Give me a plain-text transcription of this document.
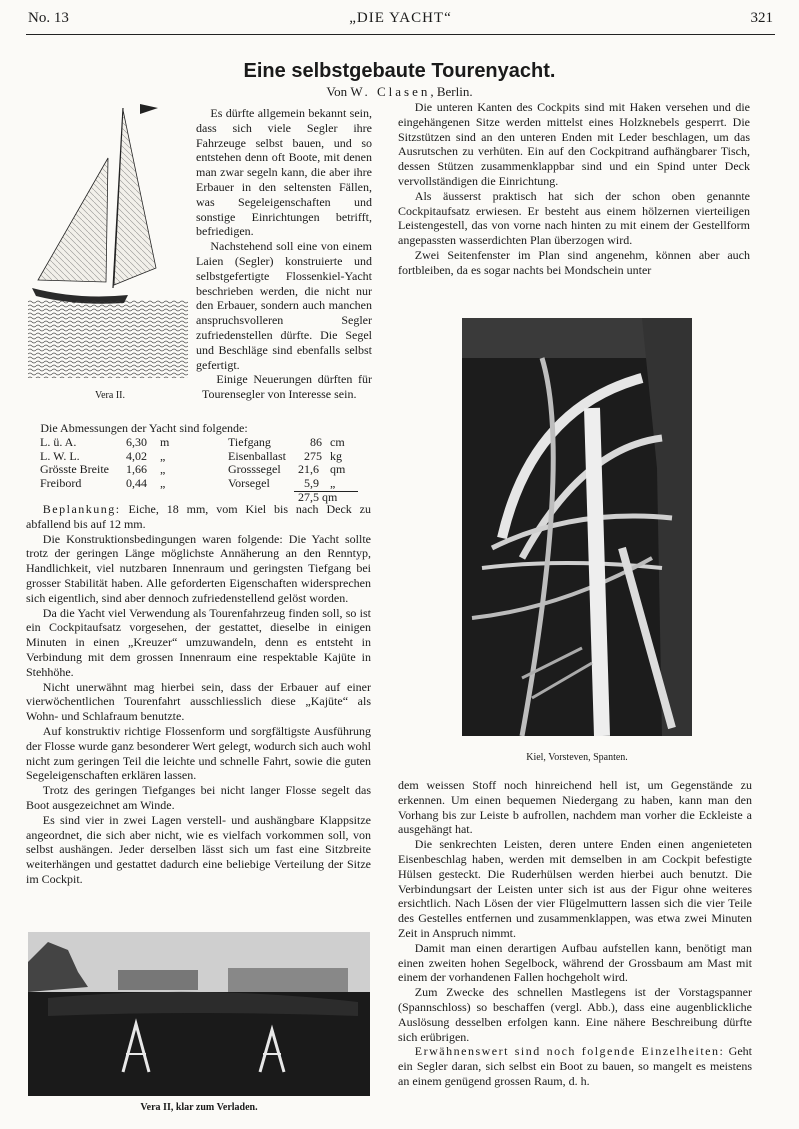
No. 13	„DIE YACHT“	321
Eine selbstgebaute Tourenyacht.
Von W. Clasen, Berlin.
Vera II.

Es dürfte allgemein bekannt sein, dass sich viele Segler ihre Fahrzeuge selbst bauen, und so entstehen denn oft Boote, mit denen man zwar segeln kann, die aber ihre Erbauer in den seltensten Fällen, was Segeleigenschaften und sonstige Einrichtungen betrifft, befriedigen.

Nachstehend soll eine von einem Laien (Segler) konstruierte und selbstgefertigte Flossenkiel-Yacht beschrieben werden, die nicht nur den Erbauer, sondern auch manchen anspruchsvolleren Segler zufriedenstellen dürfte. Die Segel und Beschläge sind ebenfalls selbst gefertigt.

Einige Neuerungen dürften für Tourensegler von Interesse sein.

Die Abmessungen der Yacht sind folgende:
L. ü. A.	6,30 m	Tiefgang	86 cm
L. W. L.	4,02 „	Eisenballast 275 kg
Grösste Breite 1,66 „	Grosssegel 21,6 qm
Freibord	0,44 „	Vorsegel	5,9 „
27,5 qm

Beplankung: Eiche, 18 mm, vom Kiel bis nach Deck zu abfallend bis auf 12 mm.

Die Konstruktionsbedingungen waren folgende: Die Yacht sollte trotz der geringen Länge möglichste Annäherung an den Renntyp, Handlichkeit, viel nutzbaren Innenraum und geringsten Tiefgang bei grosser Stabilität haben. Alle geforderten Eigenschaften widersprechen sich eigentlich, sind aber dennoch zufriedenstellend gelöst worden.

Da die Yacht viel Verwendung als Tourenfahrzeug finden soll, so ist ein Cockpitaufsatz vorgesehen, der gestattet, dieselbe in einigen Minuten in einen „Kreuzer“ umzuwandeln, denn es entsteht in Verbindung mit dem grossen Innenraum eine respektable Kajüte in Stehhöhe.

Nicht unerwähnt mag hierbei sein, dass der Erbauer auf einer vierwöchentlichen Tourenfahrt ausschliesslich diese „Kajüte“ als Wohn- und Schlafraum benutzte.

Auf konstruktiv richtige Flossenform und sorgfältigste Ausführung der Flosse wurde ganz besonderer Wert gelegt, wodurch sich auch wohl nicht zum geringen Teil die leichte und schnelle Fahrt, sowie die guten Segeleigenschaften erklären lassen.

Trotz des geringen Tiefganges bei nicht langer Flosse segelt das Boot ausgezeichnet am Winde.

Es sind vier in zwei Lagen verstell- und aushängbare Klappsitze angeordnet, die sich aber nicht, wie es vielfach vorkommen soll, von selbst aushängen. Jeder derselben lässt sich um fast eine Sitzbreite weiterhängen und gestattet dadurch eine beliebige Verteilung der Sitze im Cockpit.

Vera II, klar zum Verladen.

Die unteren Kanten des Cockpits sind mit Haken versehen und die eingehängenen Sitze werden mittelst eines Holzknebels gesperrt. Die Sitzstützen sind an den unteren Enden mit Leder beschlagen, um das Ausrutschen zu verhüten. Ein auf den Cockpitrand aufhängbarer Tisch, dessen Stützen zusammenklappbar sind und ein Spind unter Deck vervollständigen die Einrichtung.

Als äusserst praktisch hat sich der schon oben genannte Cockpitaufsatz erwiesen. Er besteht aus einem hölzernen vierteiligen Leistengestell, das von vorne nach hinten zu mit einem der Gestellform angepassten wasserdichten Plan überzogen wird.

Zwei Seitenfenster im Plan sind angenehm, können aber auch fortbleiben, da es sogar nachts bei Mondschein unter

Kiel, Vorsteven, Spanten.

dem weissen Stoff noch hinreichend hell ist, um Gegenstände zu erkennen. Um einen bequemen Niedergang zu haben, kann man den Vorhang bis zur Leiste b aufrollen, nachdem man vorher die Eckleiste a ausgehängt hat.

Die senkrechten Leisten, deren untere Enden einen angenieteten Eisenbeschlag haben, werden mit demselben in am Cockpit befestigte Hülsen gesteckt. Die Ruderhülsen werden hierbei auch benutzt. Die Verbindungsart der Leisten unter sich ist aus der Figur ohne weiteres ersichtlich. Nach Lösen der vier Flügelmuttern lassen sich die vier Teile des Gestelles entfernen und zusammenklappen, was etwa zwei Minuten Zeit in Anspruch nimmt.

Damit man einen derartigen Aufbau aufstellen kann, benötigt man einen zweiten hohen Segelbock, während der Grossbaum am Mast mit einem der vorhandenen Fallen hochgeholt wird.

Zum Zwecke des schnellen Mastlegens ist der Vorstagspanner (Spannschloss) so beschaffen (vergl. Abb.), dass eine augenblickliche Auslösung desselben erfolgen kann. Eine nähere Beschreibung dürfte sich erübrigen.

Erwähnenswert sind noch folgende Einzelheiten: Geht ein Segler daran, sich selbst ein Boot zu bauen, so mangelt es meistens an einem genügend grossen Raum, d. h.
